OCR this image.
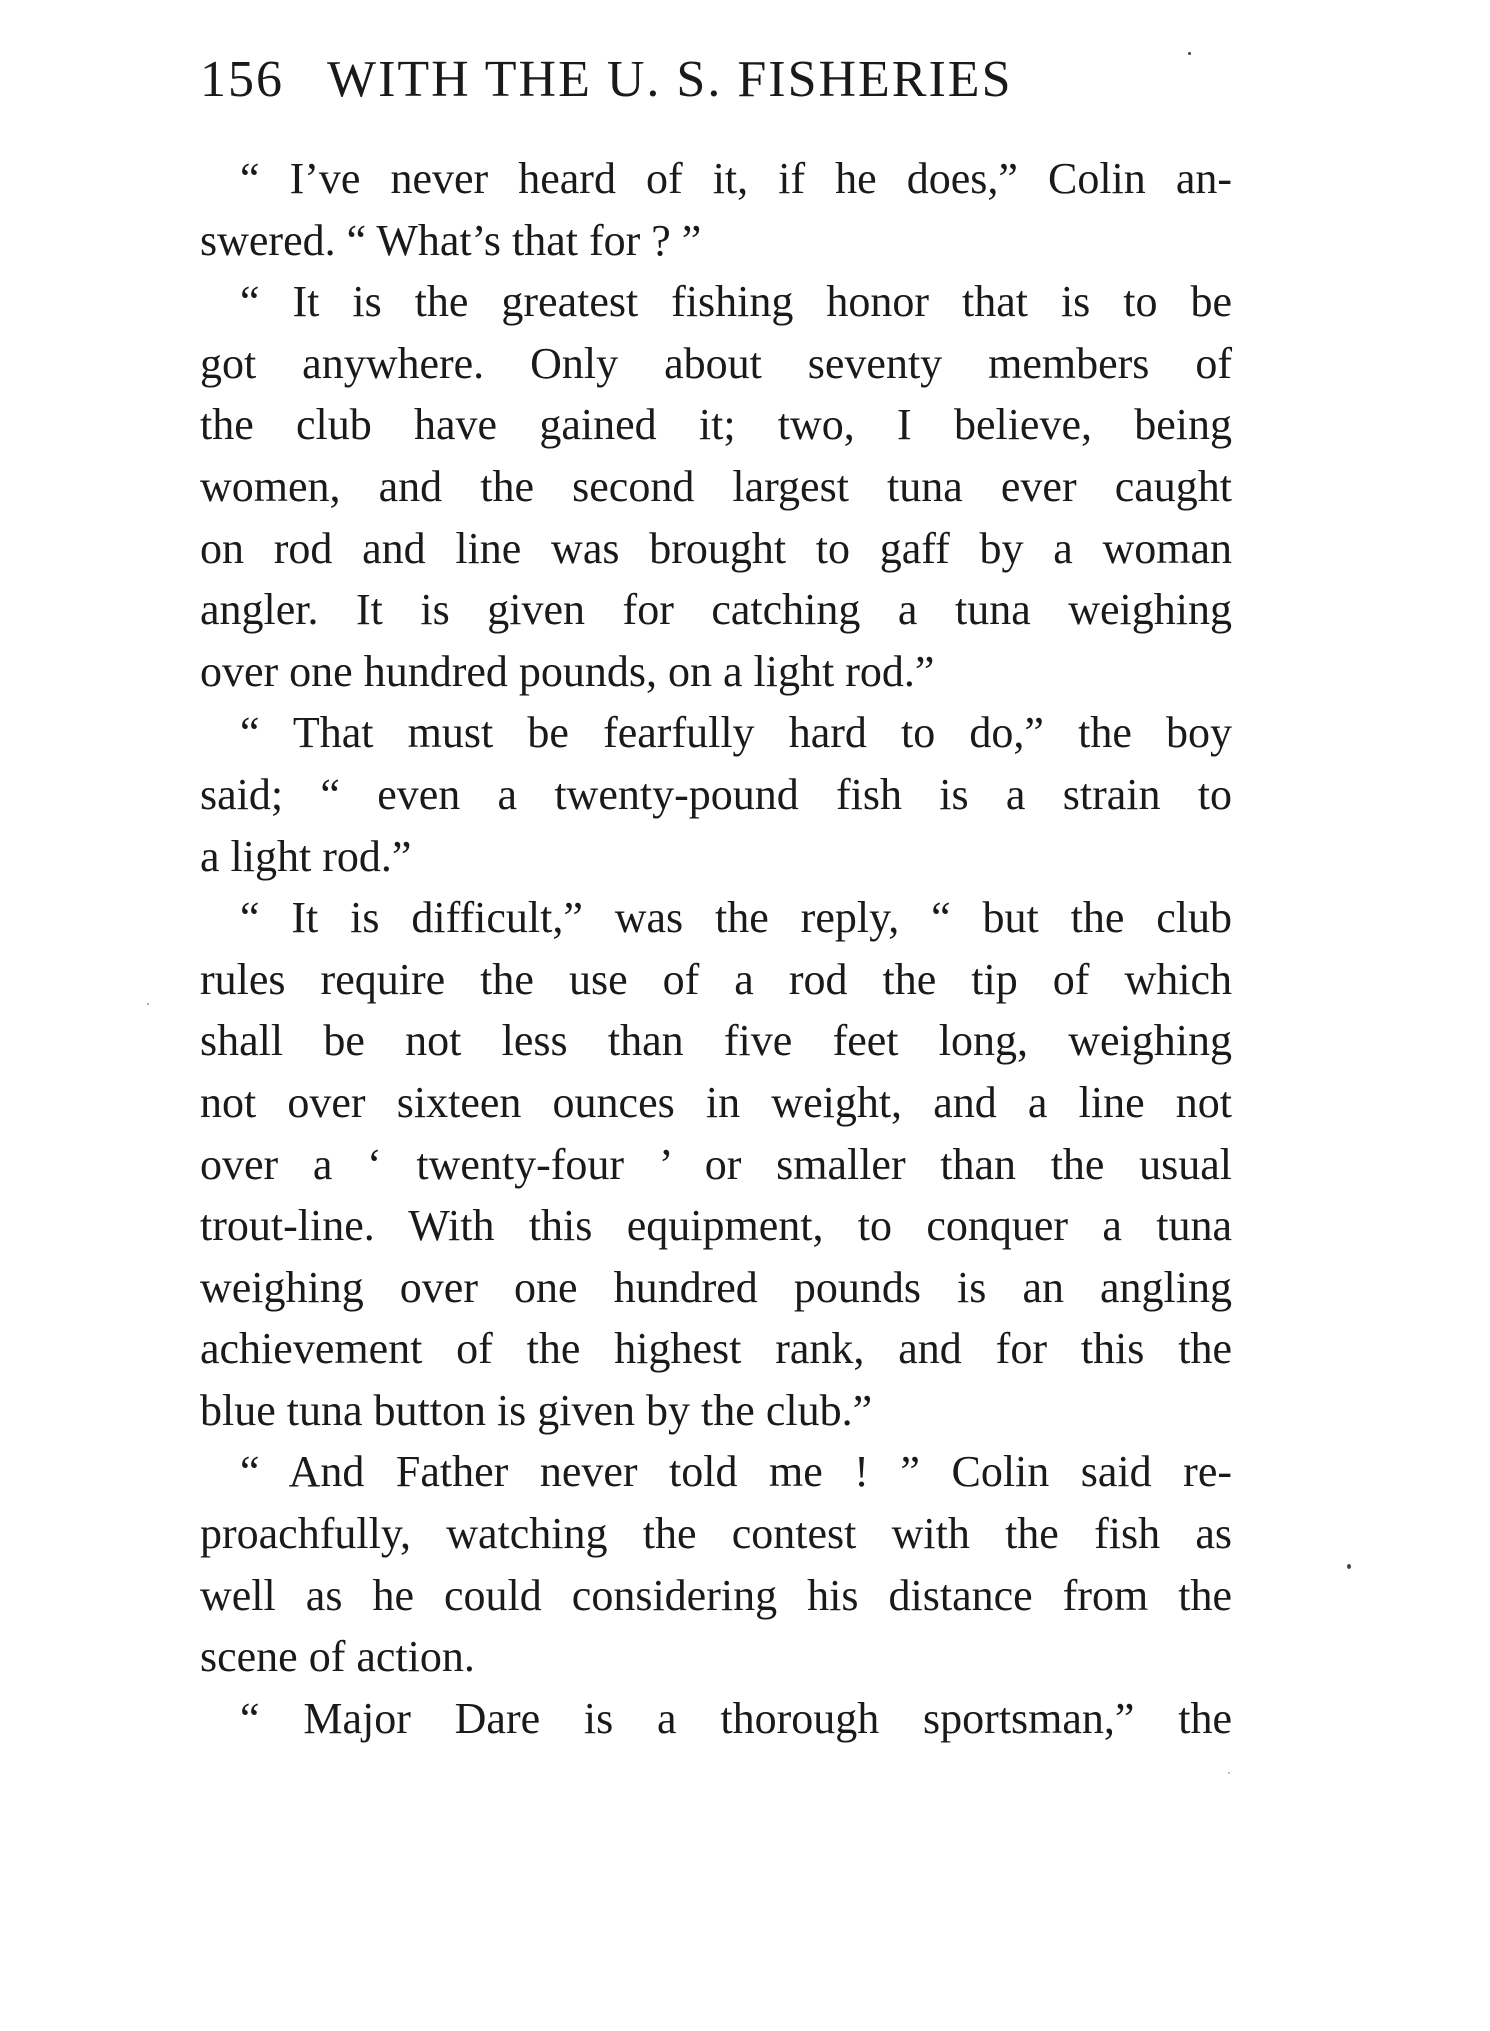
156 WITH THE U. S. FISHERIES
“ I’ve never heard of it, if he does,” Colin an-
swered. “ What’s that for ? ”
“ It is the greatest fishing honor that is to be
got anywhere. Only about seventy members of
the club have gained it; two, I believe, being
women, and the second largest tuna ever caught
on rod and line was brought to gaff by a woman
angler. It is given for catching a tuna weighing
over one hundred pounds, on a light rod.”
“ That must be fearfully hard to do,” the boy
said; “ even a twenty-pound fish is a strain to
a light rod.”
“ It is difficult,” was the reply, “ but the club
rules require the use of a rod the tip of which
shall be not less than five feet long, weighing
not over sixteen ounces in weight, and a line not
over a ‘ twenty-four ’ or smaller than the usual
trout-line. With this equipment, to conquer a tuna
weighing over one hundred pounds is an angling
achievement of the highest rank, and for this the
blue tuna button is given by the club.”
“ And Father never told me ! ” Colin said re-
proachfully, watching the contest with the fish as
well as he could considering his distance from the
scene of action.
“ Major Dare is a thorough sportsman,” the
